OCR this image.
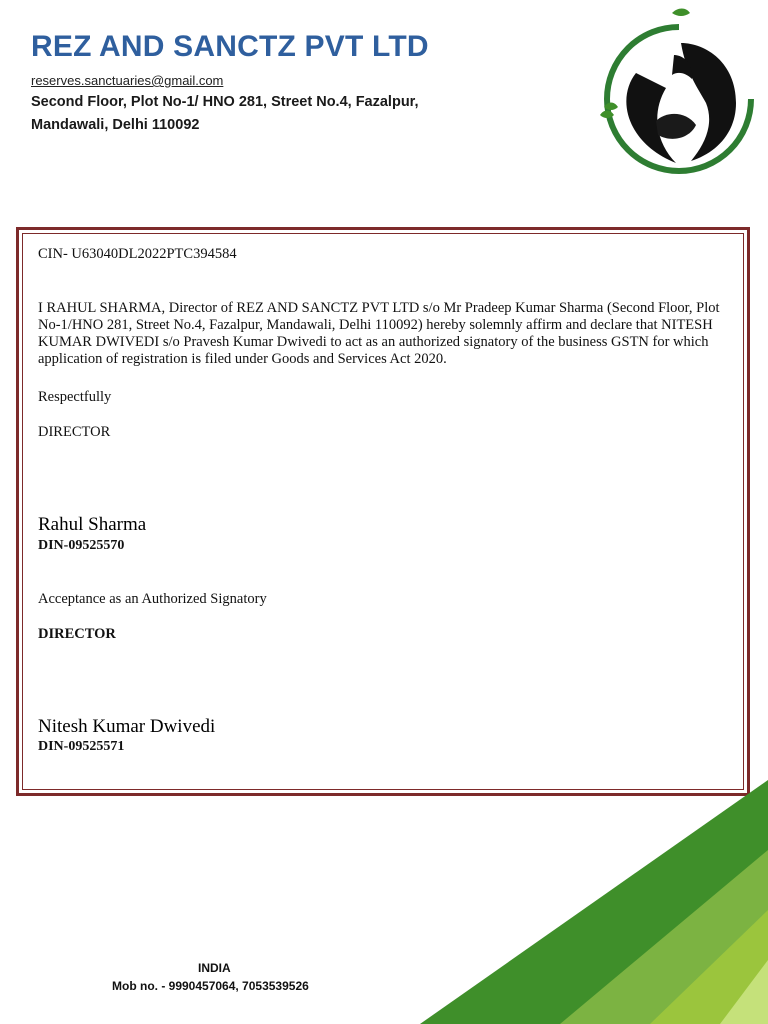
REZ AND SANCTZ PVT LTD
reserves.sanctuaries@gmail.com
Second Floor, Plot No-1/ HNO 281, Street No.4, Fazalpur,
Mandawali, Delhi 110092
CIN- U63040DL2022PTC394584
I RAHUL SHARMA, Director of REZ AND SANCTZ PVT LTD s/o Mr Pradeep Kumar Sharma (Second Floor, Plot No-1/HNO 281, Street No.4, Fazalpur, Mandawali, Delhi 110092) hereby solemnly affirm and declare that NITESH KUMAR DWIVEDI s/o Pravesh Kumar Dwivedi to act as an authorized signatory of the business GSTN for which application of registration is filed under Goods and Services Act 2020.
Respectfully
DIRECTOR
Rahul Sharma
DIN-09525570
Acceptance as an Authorized Signatory
DIRECTOR
Nitesh Kumar Dwivedi
DIN-09525571
INDIA
Mob no. - 9990457064, 7053539526
